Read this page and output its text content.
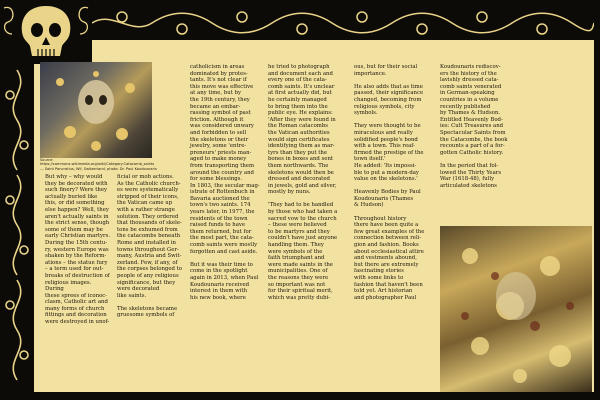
Source: https://commons.wikimedia.org/wiki/Category:Catacomb_saints — Saint Pancratius, Wil, Switzerland, photo: Dr. Paul Koudounaris
But why – why would
they be decorated with
such finery? Were they
actually buried like
this, or did something
else happen? Well, they
aren't actually saints in
the strict sense, though
some of them may be
early Christian martyrs.
During the 15th centu-
ry, western Europe was
shaken by the Reform-
ations – the statue fury
– a term used for out-
breaks of destruction of
religious images. During
these sprees of iconoc-
clasm, Catholic art and
many forms of church
fittings and decoration
were destroyed in unof-
ficial or mob actions.
As the Catholic church-
es were systematically
stripped of their icons,
the Vatican came up
with a rather strange
solution. They ordered
that thousands of skele-
tons be exhumed from
the catacombs beneath
Rome and installed in
towns throughout Ger-
many, Austria and Swit-
zerland. Few, if any, of
the corpses belonged to
people of any religious
significance, but they
were decorated
like saints.

The skeletons became
gruesome symbols of
catholicism in areas
dominated by protes-
tants. It's not clear if
this move was effective
at any time, but by
the 19th century, they
became an embar-
rassing symbol of past
friction. Although it
was considered unwary
and forbidden to sell
the skeletons or their
jewelry, some 'entre-
preneurs' priests man-
aged to make money
from transporting them
around the country and
for some blessings.
In 1803, the secular mag-
istrate of Rottenbuch in
Bavaria auctioned the
town's two saints. 174
years later, in 1977, the
residents of the town
raised funds to have
them returned, but for
the most part, the cata-
comb saints were mostly
forgotten and cast aside.

But it was their time to
come in the spotlight
again in 2013, when Paul
Koudounaris received
interest in them with
his new book, where
he tried to photograph
and document each and
every one of the cata-
comb saints. It's unclear
at first actually did, but
he certainly managed
to bring them into the
public eye. He explains:
'After they were found in
the Roman catacombs
the Vatican authorities
would sign certificates
identifying them as mar-
tyrs than they put the
bones in boxes and sent
them northwards. The
skeletons would then be
dressed and decorated
in jewels, gold and silver,
mostly by nuns.

'They had to be handled
by those who had taken a
sacred vow to the church
– these were believed
to be martyrs and they
couldn't have just anyone
handling them. They
were symbols of the
faith triumphant and
were made saints in the
municipalities. One of
the reasons they were
so important was not
for their spiritual merit,
which was pretty dubi-
ous, but for their social
importance.

He also adds that as time
passed, their significance
changed, becoming from
religious symbols, city
symbols.

They were thought to be
miraculous and really
solidified people's bond
with a town. This reaf-
firmed the prestige of the
town itself.'
He added: 'Its impossi-
ble to put a modern-day
value on the skeletons.'

Heavenly Bodies by Paul
Koudounaris (Thames
& Hudson)

Throughout history
there have been quite a
few great examples of the
connection between reli-
gion and fashion. Books
about ecclesiastical attire
and vestments abound,
but there are extremely
fascinating stories
with some links to
fashion that haven't been
told yet. Art historian
and photographer Paul
Koudounaris rediscov-
ers the history of the
lavishly dressed cata-
comb saints venerated
in German-speaking
countries in a volume
recently published
by Thames & Hudson.
Entitled Heavenly Bod-
ies: Cult Treasures and
Spectacular Saints from
the Catacombs, the book
recounts a part of a for-
gotten Catholic history.

In the period that fol-
lowed the Thirty Years
War (1618-48), fully
articulated skeletons
